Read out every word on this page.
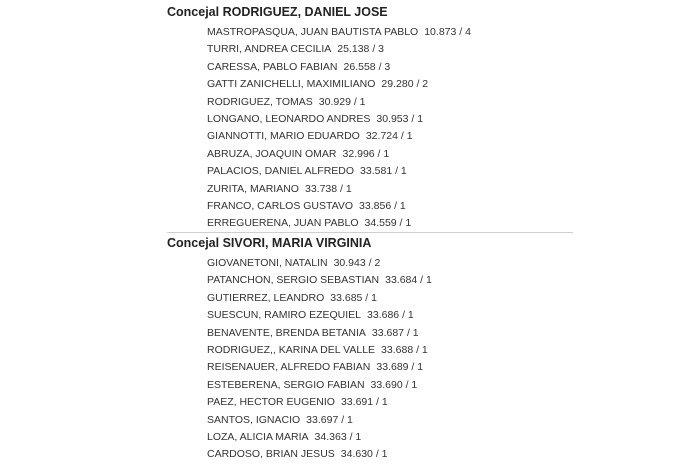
Concejal RODRIGUEZ, DANIEL JOSE
MASTROPASQUA, JUAN BAUTISTA PABLO 10.873 / 4
TURRI, ANDREA CECILIA 25.138 / 3
CARESSA, PABLO FABIAN 26.558 / 3
GATTI ZANICHELLI, MAXIMILIANO 29.280 / 2
RODRIGUEZ, TOMAS 30.929 / 1
LONGANO, LEONARDO ANDRES 30.953 / 1
GIANNOTTI, MARIO EDUARDO 32.724 / 1
ABRUZA, JOAQUIN OMAR 32.996 / 1
PALACIOS, DANIEL ALFREDO 33.581 / 1
ZURITA, MARIANO 33.738 / 1
FRANCO, CARLOS GUSTAVO 33.856 / 1
ERREGUERENA, JUAN PABLO 34.559 / 1
Concejal SIVORI, MARIA VIRGINIA
GIOVANETONI, NATALIN 30.943 / 2
PATANCHON, SERGIO SEBASTIAN 33.684 / 1
GUTIERREZ, LEANDRO 33.685 / 1
SUESCUN, RAMIRO EZEQUIEL 33.686 / 1
BENAVENTE, BRENDA BETANIA 33.687 / 1
RODRIGUEZ,, KARINA DEL VALLE 33.688 / 1
REISENAUER, ALFREDO FABIAN 33.689 / 1
ESTEBERENA, SERGIO FABIAN 33.690 / 1
PAEZ, HECTOR EUGENIO 33.691 / 1
SANTOS, IGNACIO 33.697 / 1
LOZA, ALICIA MARIA 34.363 / 1
CARDOSO, BRIAN JESUS 34.630 / 1
